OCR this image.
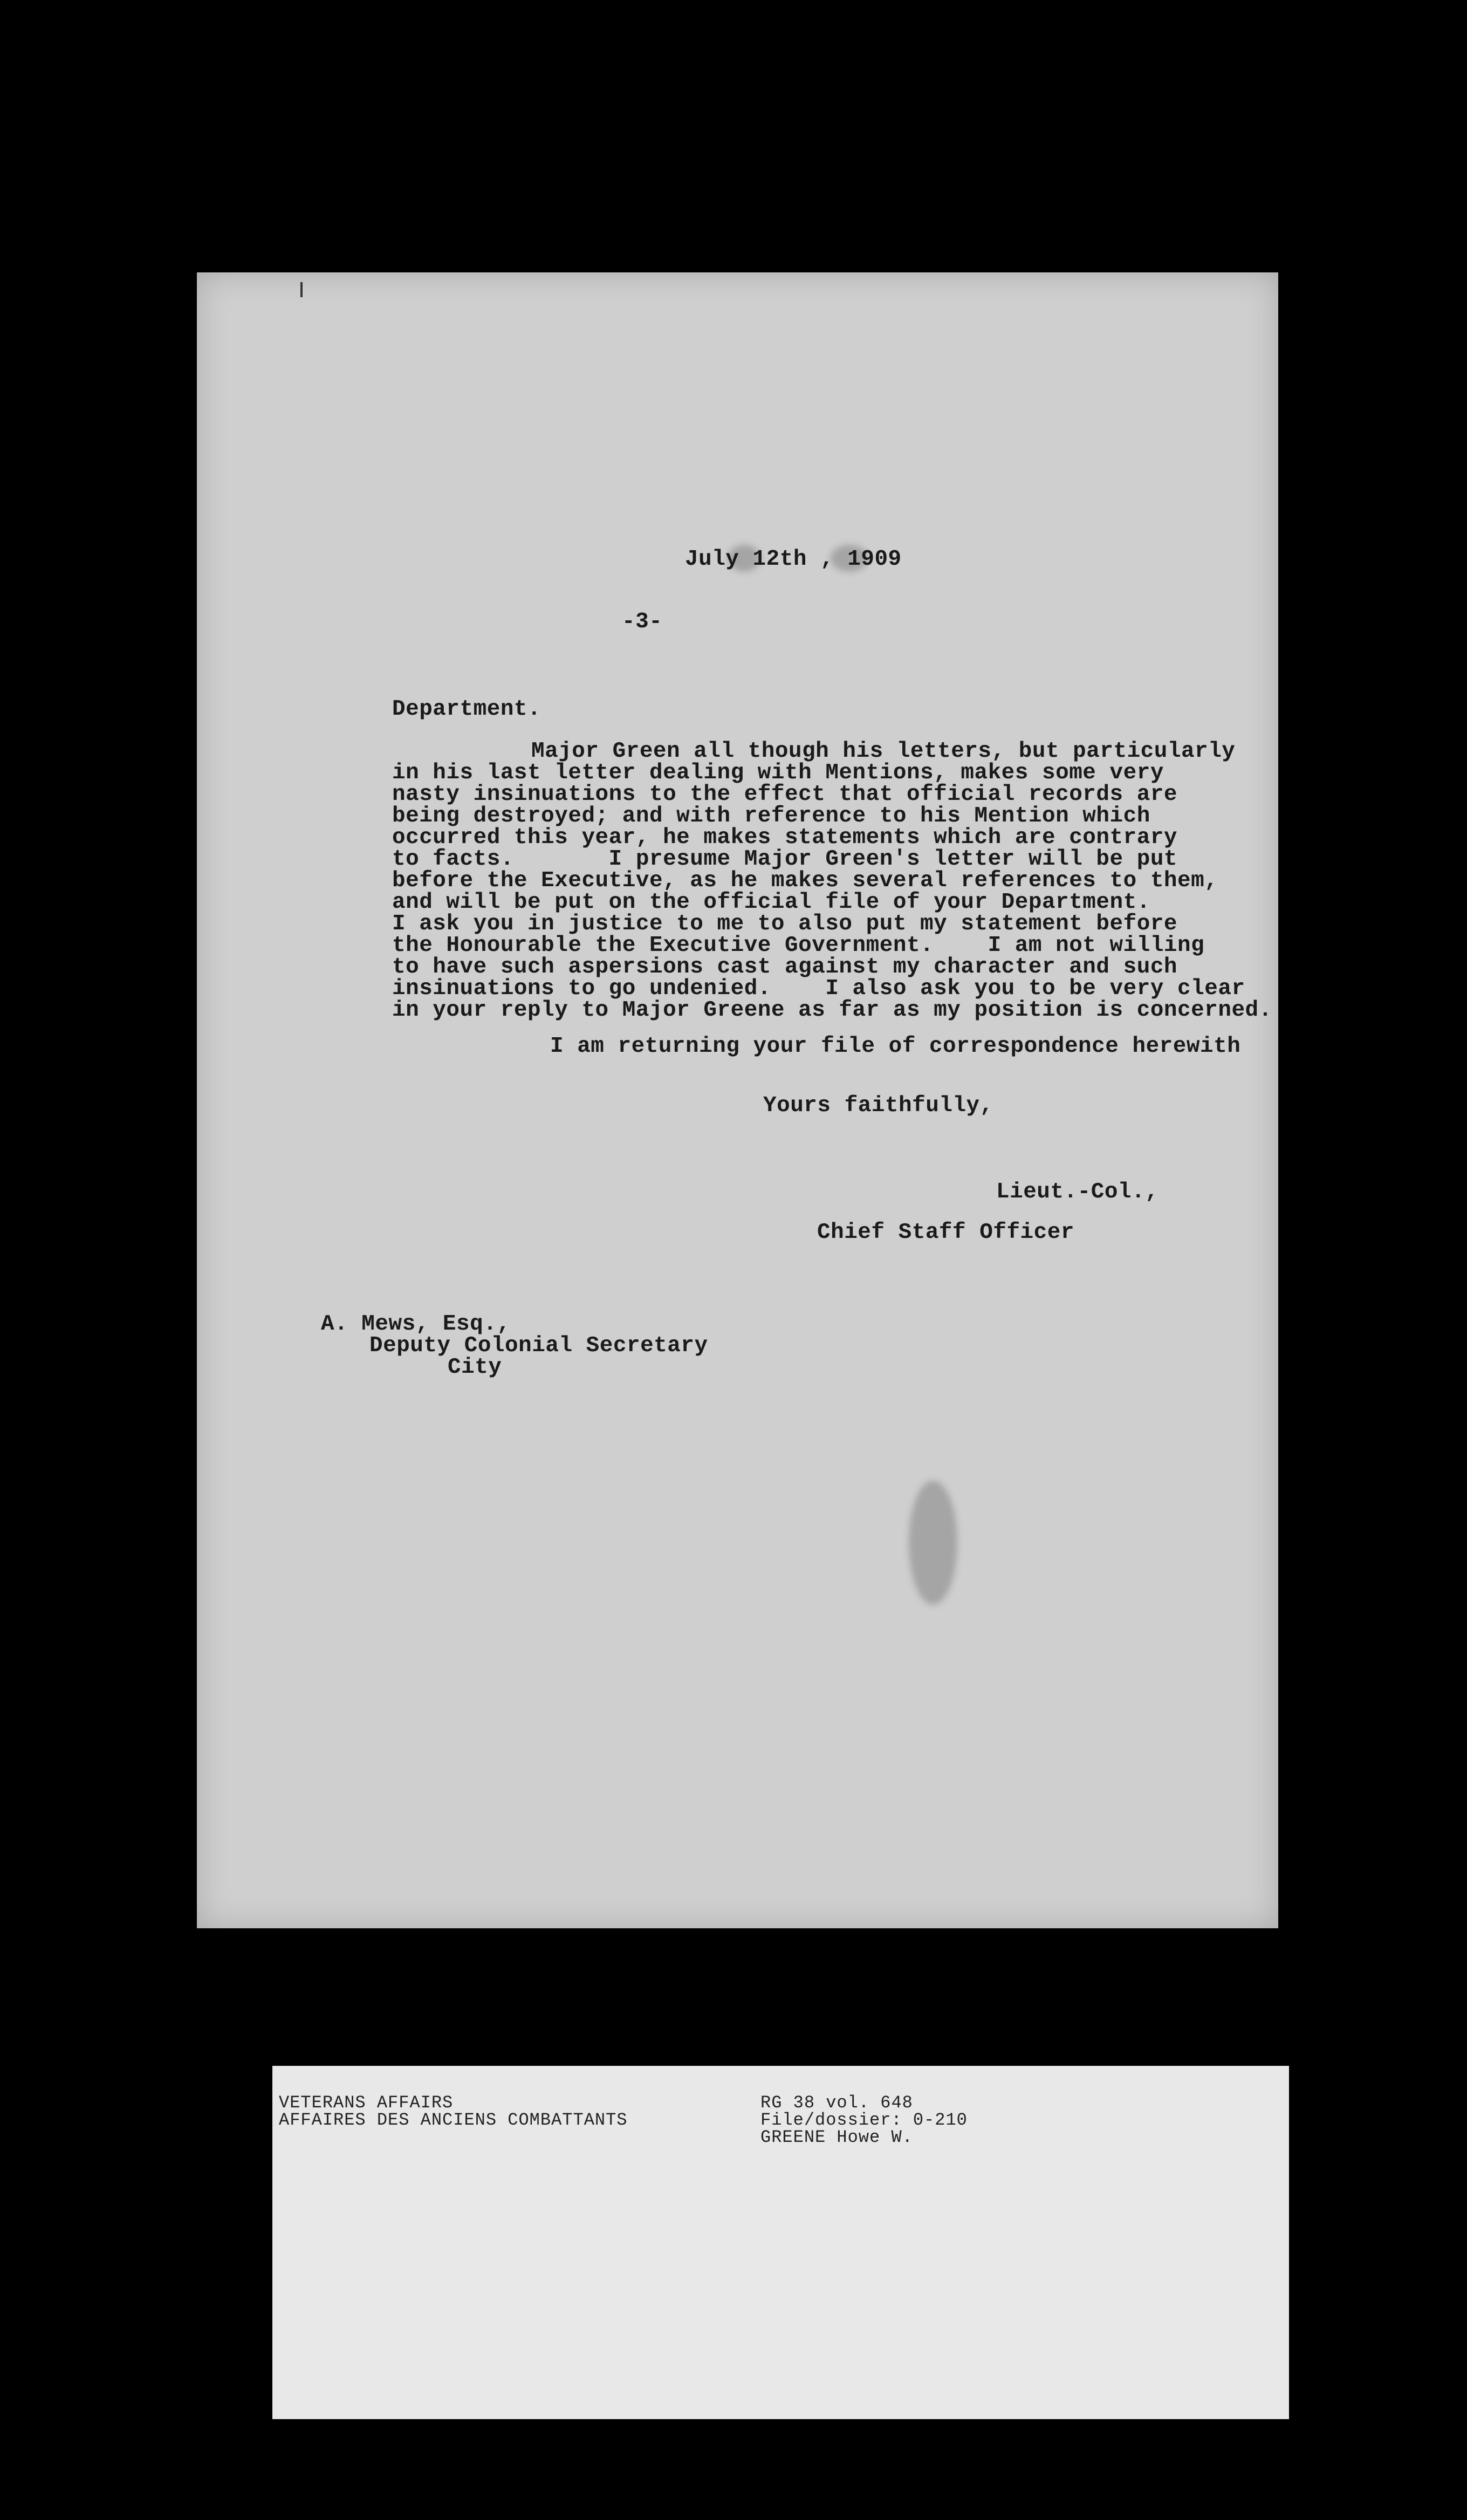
July 12th , 1909
-3-
Department.
Major Green all though his letters, but particularly
in his last letter dealing with Mentions, makes some very
nasty insinuations to the effect that official records are
being destroyed; and with reference to his Mention which
occurred this year, he makes statements which are contrary
to facts.       I presume Major Green's letter will be put
before the Executive, as he makes several references to them,
and will be put on the official file of your Department.
I ask you in justice to me to also put my statement before
the Honourable the Executive Government.    I am not willing
to have such aspersions cast against my character and such
insinuations to go undenied.    I also ask you to be very clear
in your reply to Major Greene as far as my position is concerned.
I am returning your file of correspondence herewith
Yours faithfully,
Lieut.-Col.,
Chief Staff Officer
A. Mews, Esq.,
Deputy Colonial Secretary
City
VETERANS AFFAIRS
AFFAIRES DES ANCIENS COMBATTANTS
RG 38 vol. 648
File/dossier: 0-210
GREENE Howe W.
